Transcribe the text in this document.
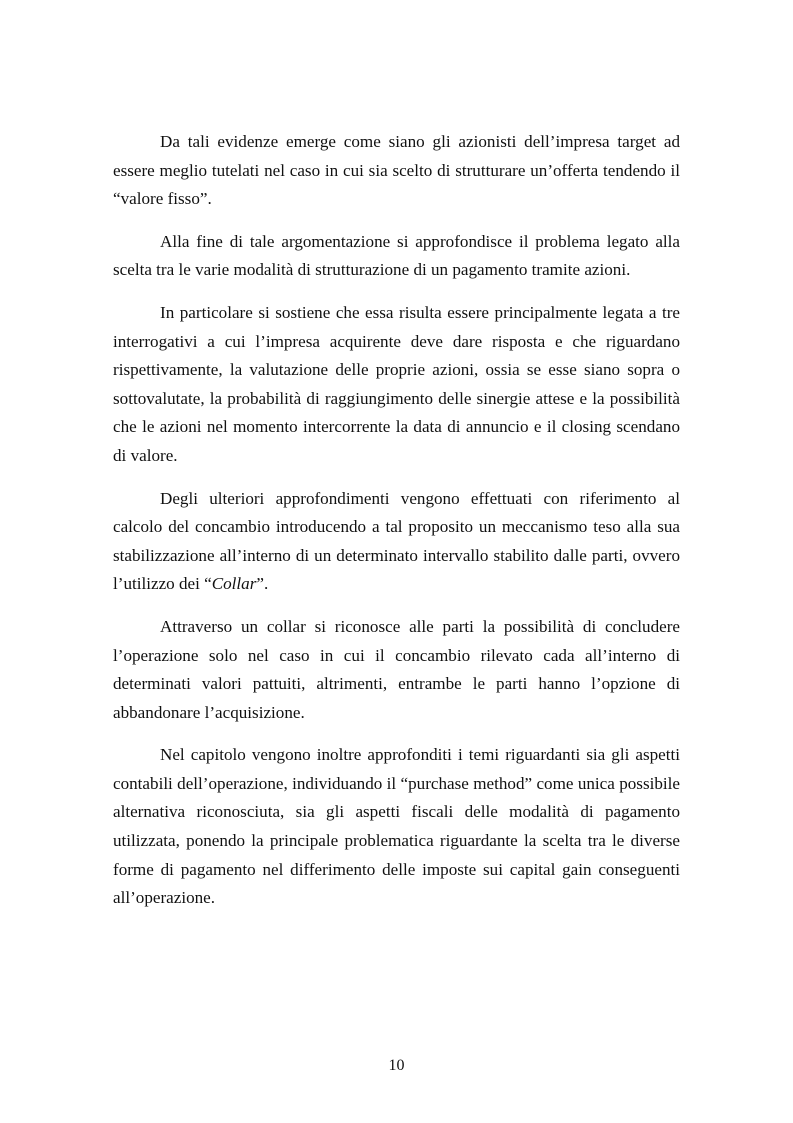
Da tali evidenze emerge come siano gli azionisti dell’impresa target ad essere meglio tutelati nel caso in cui sia scelto di strutturare un’offerta tendendo il “valore fisso”.

Alla fine di tale argomentazione si approfondisce il problema legato alla scelta tra le varie modalità di strutturazione di un pagamento tramite azioni.

In particolare si sostiene che essa risulta essere principalmente legata a tre interrogativi a cui l’impresa acquirente deve dare risposta e che riguardano rispettivamente, la valutazione delle proprie azioni, ossia se esse siano sopra o sottovalutate, la probabilità di raggiungimento delle sinergie attese e la possibilità che le azioni nel momento intercorrente la data di annuncio e il closing scendano di valore.

Degli ulteriori approfondimenti vengono effettuati con riferimento al calcolo del concambio introducendo a tal proposito un meccanismo teso alla sua stabilizzazione all’interno di un determinato intervallo stabilito dalle parti, ovvero l’utilizzo dei “Collar”.

Attraverso un collar si riconosce alle parti la possibilità di concludere l’operazione solo nel caso in cui il concambio rilevato cada all’interno di determinati valori pattuiti, altrimenti, entrambe le parti hanno l’opzione di abbandonare l’acquisizione.

Nel capitolo vengono inoltre approfonditi i temi riguardanti sia gli aspetti contabili dell’operazione, individuando il “purchase method” come unica possibile alternativa riconosciuta, sia gli aspetti fiscali delle modalità di pagamento utilizzata, ponendo la principale problematica riguardante la scelta tra le diverse forme di pagamento nel differimento delle imposte sui capital gain conseguenti all’operazione.

10
